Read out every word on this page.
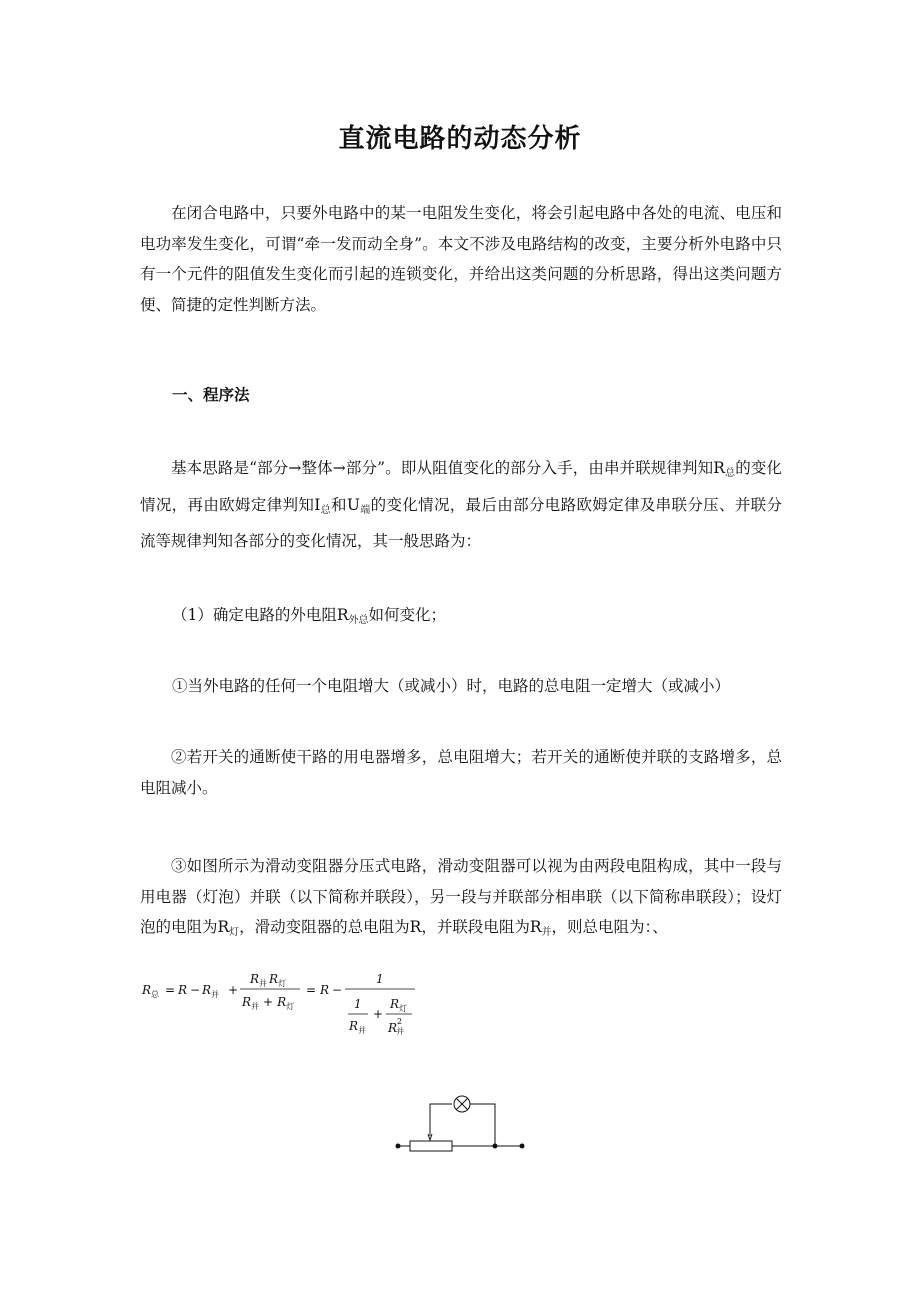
直流电路的动态分析
在闭合电路中，只要外电路中的某一电阻发生变化，将会引起电路中各处的电流、电压和电功率发生变化，可谓“牵一发而动全身”。本文不涉及电路结构的改变，主要分析外电路中只有一个元件的阻值发生变化而引起的连锁变化，并给出这类问题的分析思路，得出这类问题方便、简捷的定性判断方法。
一、程序法
基本思路是“部分→整体→部分”。即从阻值变化的部分入手，由串并联规律判知$R_总$的变化情况，再由欧姆定律判知$I_总$和$U_端$的变化情况，最后由部分电路欧姆定律及串联分压、并联分流等规律判知各部分的变化情况，其一般思路为：
（1）确定电路的外电阻$R_{外总}$如何变化；
①当外电路的任何一个电阻增大（或减小）时，电路的总电阻一定增大（或减小）
②若开关的通断使干路的用电器增多，总电阻增大；若开关的通断使并联的支路增多，总电阻减小。
③如图所示为滑动变阻器分压式电路，滑动变阻器可以视为由两段电阻构成，其中一段与用电器（灯泡）并联（以下简称并联段），另一段与并联部分相串联（以下简称串联段）；设灯泡的电阻为$R_灯$，滑动变阻器的总电阻为R，并联段电阻为$R_并$，则总电阻为：、
$R_总 = R - R_并$ +
$R_并$ $R_灯$
$R_并 + R_灯$
= R −
1
1
$R_并$
+
$R_灯$
$R^2$ 并
